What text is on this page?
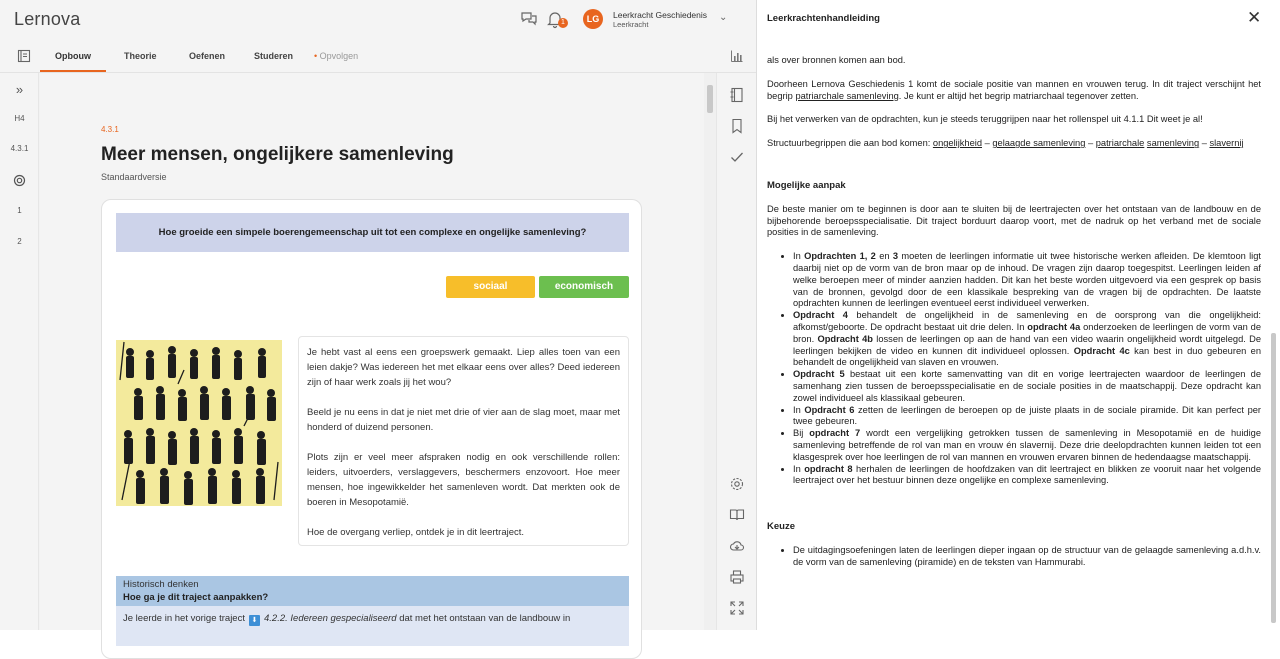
Lernova	1	LG	Leerkracht Geschiedenis
Leerkracht
⌄
Opbouw	Theorie	Oefenen	Studeren • Opvolgen
»
H4
4.3.1
1
2
4.3.1
Meer mensen, ongelijkere samenleving
Standaardversie
Hoe groeide een simpele boerengemeenschap uit tot een complexe en ongelijke samenleving?
sociaal	economisch

Je hebt vast al eens een groepswerk gemaakt. Liep alles toen van een leien dakje? Was iedereen het met elkaar eens over alles? Deed iedereen zijn of haar werk zoals jij het wou?

Beeld je nu eens in dat je niet met drie of vier aan de slag moet, maar met honderd of duizend personen.

Plots zijn er veel meer afspraken nodig en ook verschillende rollen: leiders, uitvoerders, verslaggevers, beschermers enzovoort. Hoe meer mensen, hoe ingewikkelder het samenleven wordt. Dat merkten ook de boeren in Mesopotamië.

Hoe de overgang verliep, ontdek je in dit leertraject.

Historisch denken
Hoe ga je dit traject aanpakken?
Je leerde in het vorige traject ⬇ 4.2.2. Iedereen gespecialiseerd dat met het ontstaan van de landbouw in
Leerkrachtenhandleiding	✕

als over bronnen komen aan bod.

Doorheen Lernova Geschiedenis 1 komt de sociale positie van mannen en vrouwen terug. In dit traject verschijnt het begrip patriarchale samenleving. Je kunt er altijd het begrip matriarchaal tegenover zetten.

Bij het verwerken van de opdrachten, kun je steeds teruggrijpen naar het rollenspel uit 4.1.1 Dit weet je al!

Structuurbegrippen die aan bod komen: ongelijkheid – gelaagde samenleving – patriarchale samenleving – slavernij

Mogelijke aanpak

De beste manier om te beginnen is door aan te sluiten bij de leertrajecten over het ontstaan van de landbouw en de bijbehorende beroepsspecialisatie. Dit traject borduurt daarop voort, met de nadruk op het verband met de sociale posities in de samenleving.

• In Opdrachten 1, 2 en 3 moeten de leerlingen informatie uit twee historische werken afleiden. De klemtoon ligt daarbij niet op de vorm van de bron maar op de inhoud. De vragen zijn daarop toegespitst. Leerlingen leiden af welke beroepen meer of minder aanzien hadden. Dit kan het beste worden uitgevoerd via een gesprek op basis van de bronnen, gevolgd door de een klassikale bespreking van de vragen bij de opdrachten. De laatste opdrachten kunnen de leerlingen eventueel eerst individueel verwerken.
• Opdracht 4 behandelt de ongelijkheid in de samenleving en de oorsprong van die ongelijkheid: afkomst/geboorte. De opdracht bestaat uit drie delen. In opdracht 4a onderzoeken de leerlingen de vorm van de bron. Opdracht 4b lossen de leerlingen op aan de hand van een video waarin ongelijkheid wordt uitgelegd. De leerlingen bekijken de video en kunnen dit individueel oplossen. Opdracht 4c kan best in duo gebeuren en behandelt de ongelijkheid van slaven en vrouwen.
• Opdracht 5 bestaat uit een korte samenvatting van dit en vorige leertrajecten waardoor de leerlingen de samenhang zien tussen de beroepsspecialisatie en de sociale posities in de maatschappij. Deze opdracht kan zowel individueel als klassikaal gebeuren.
• In Opdracht 6 zetten de leerlingen de beroepen op de juiste plaats in de sociale piramide. Dit kan perfect per twee gebeuren.
• Bij opdracht 7 wordt een vergelijking getrokken tussen de samenleving in Mesopotamië en de huidige samenleving betreffende de rol van man en vrouw én slavernij. Deze drie deelopdrachten kunnen leiden tot een klasgesprek over hoe leerlingen de rol van mannen en vrouwen ervaren binnen de hedendaagse maatschappij.
• In opdracht 8 herhalen de leerlingen de hoofdzaken van dit leertraject en blikken ze vooruit naar het volgende leertraject over het bestuur binnen deze ongelijke en complexe samenleving.
Keuze
• De uitdagingsoefeningen laten de leerlingen dieper ingaan op de structuur van de gelaagde samenleving a.d.h.v. de vorm van de samenleving (piramide) en de teksten van Hammurabi.
